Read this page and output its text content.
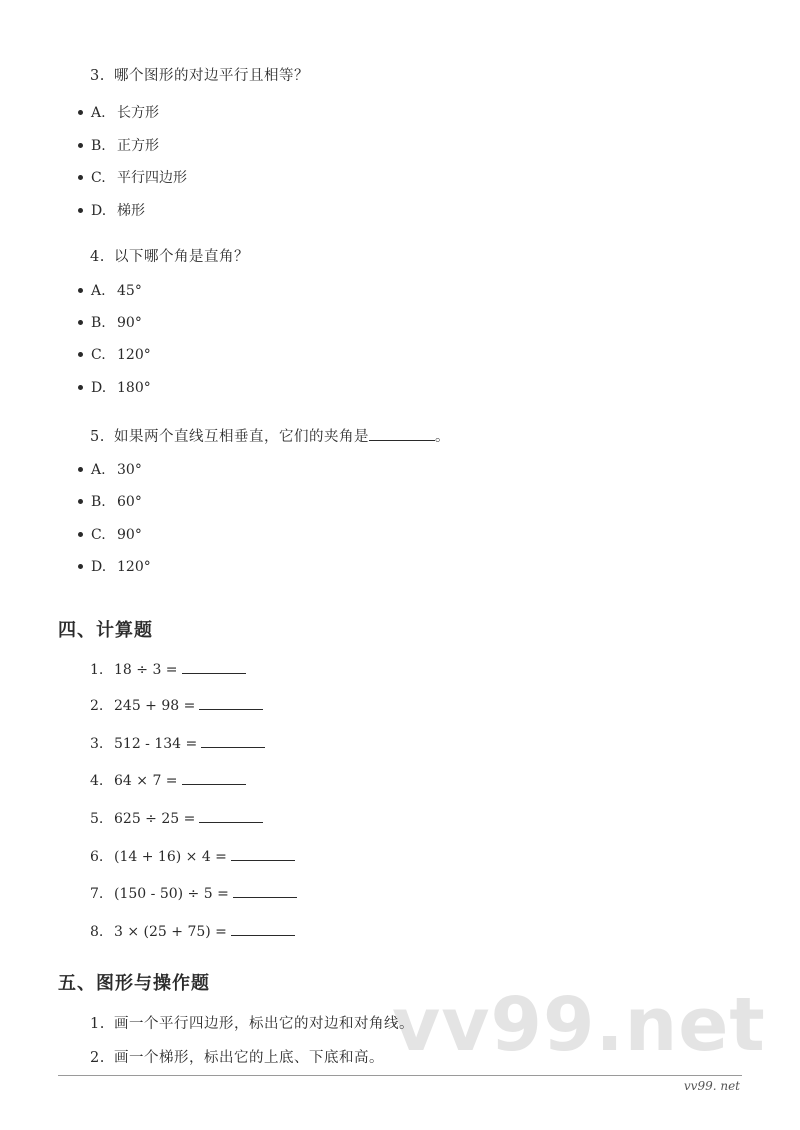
3. 哪个图形的对边平行且相等？
A. 长方形
B. 正方形
C. 平行四边形
D. 梯形
4. 以下哪个角是直角？
A. 45°
B. 90°
C. 120°
D. 180°
5. 如果两个直线互相垂直，它们的夹角是	。
A. 30°
B. 60°
C. 90°
D. 120°
四、计算题
1. 18 ÷ 3 =
2. 245 + 98 =
3. 512 - 134 =
4. 64 × 7 =
5. 625 ÷ 25 =
6. (14 + 16) × 4 =
7. (150 - 50) ÷ 5 =
8. 3 × (25 + 75) =
vv99.net
五、图形与操作题
1. 画一个平行四边形，标出它的对边和对角线。
2. 画一个梯形，标出它的上底、下底和高。
vv99. net
